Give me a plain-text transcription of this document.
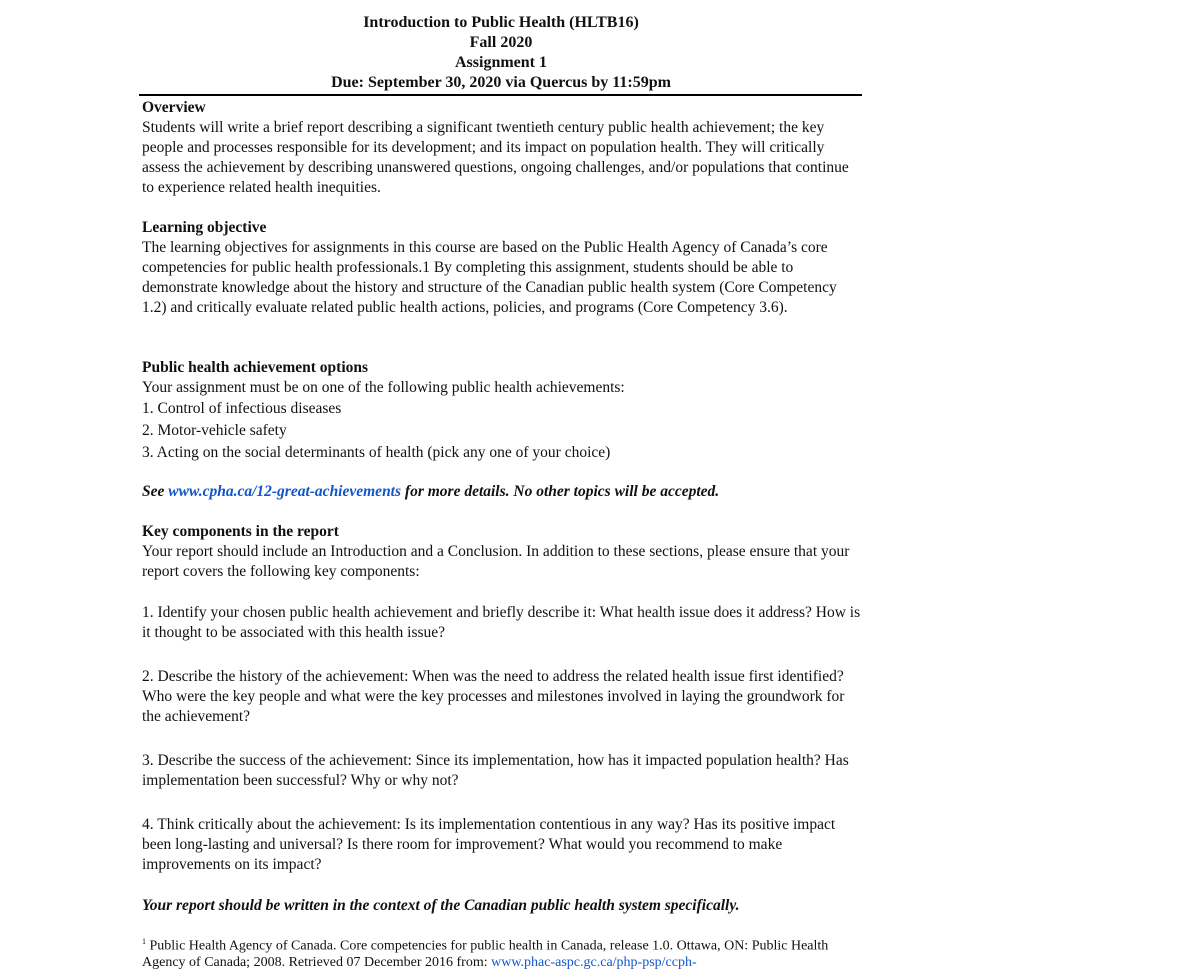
Introduction to Public Health (HLTB16)
Fall 2020
Assignment 1
Due: September 30, 2020 via Quercus by 11:59pm
Overview

Students will write a brief report describing a significant twentieth century public health achievement; the key people and processes responsible for its development; and its impact on population health. They will critically assess the achievement by describing unanswered questions, ongoing challenges, and/or populations that continue to experience related health inequities.

Learning objective

The learning objectives for assignments in this course are based on the Public Health Agency of Canada’s core competencies for public health professionals.1 By completing this assignment, students should be able to demonstrate knowledge about the history and structure of the Canadian public health system (Core Competency 1.2) and critically evaluate related public health actions, policies, and programs (Core Competency 3.6).

Public health achievement options
Your assignment must be on one of the following public health achievements:
1. Control of infectious diseases
2. Motor-vehicle safety
3. Acting on the social determinants of health (pick any one of your choice)
See www.cpha.ca/12-great-achievements for more details. No other topics will be accepted.
Key components in the report

Your report should include an Introduction and a Conclusion. In addition to these sections, please ensure that your report covers the following key components:

1. Identify your chosen public health achievement and briefly describe it: What health issue does it address? How is it thought to be associated with this health issue?
2. Describe the history of the achievement: When was the need to address the related health issue first identified? Who were the key people and what were the key processes and milestones involved in laying the groundwork for the achievement?
3. Describe the success of the achievement: Since its implementation, how has it impacted population health? Has implementation been successful? Why or why not?
4. Think critically about the achievement: Is its implementation contentious in any way? Has its positive impact been long-lasting and universal? Is there room for improvement? What would you recommend to make improvements on its impact?
Your report should be written in the context of the Canadian public health system specifically.
$^1$ Public Health Agency of Canada. Core competencies for public health in Canada, release 1.0. Ottawa, ON: Public Health Agency of Canada; 2008. Retrieved 07 December 2016 from: www.phac-aspc.gc.ca/php-psp/ccph-
